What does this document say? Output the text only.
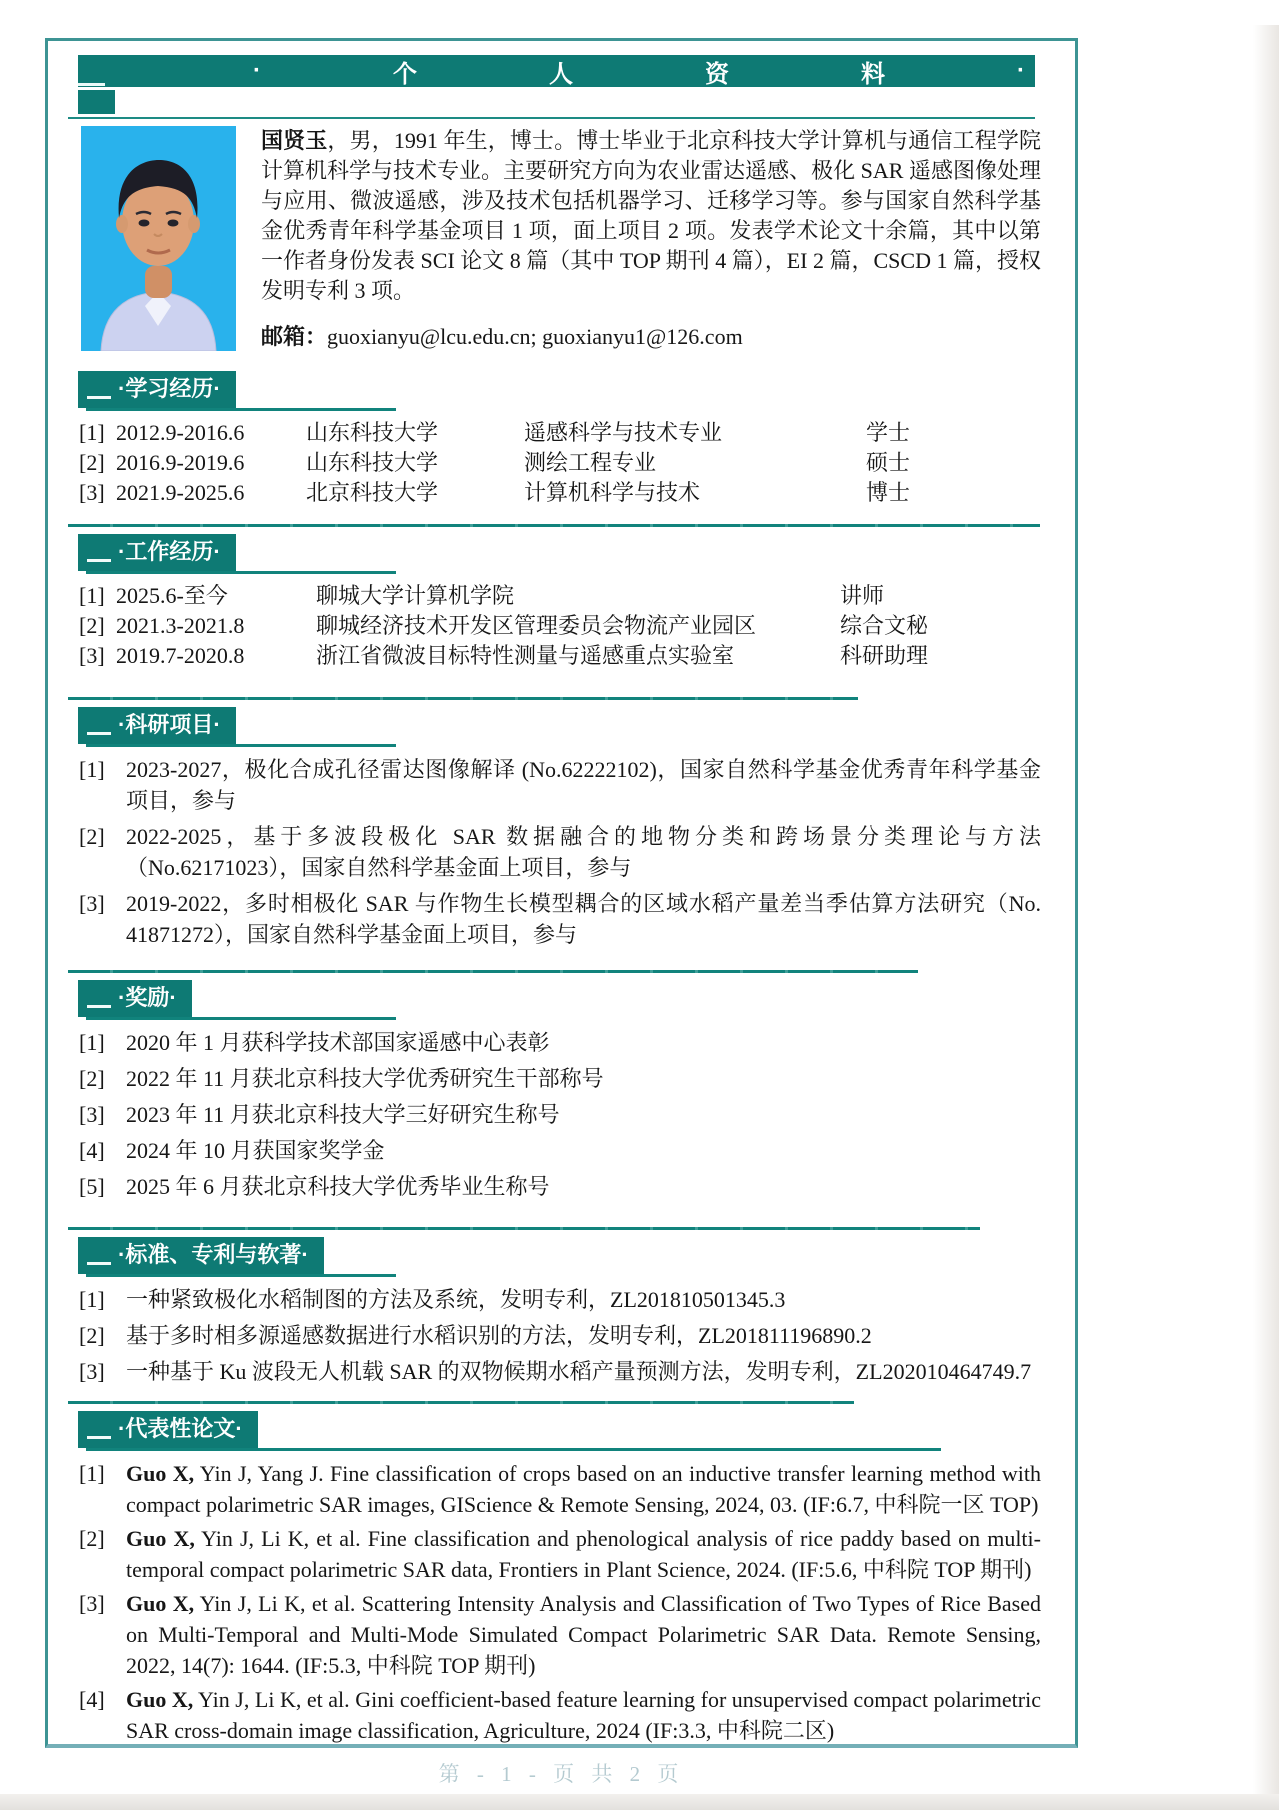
·	个	人	资	料	·

国贤玉，男，1991 年生，博士。博士毕业于北京科技大学计算机与通信工程学院计算机科学与技术专业。主要研究方向为农业雷达遥感、极化 SAR 遥感图像处理与应用、微波遥感，涉及技术包括机器学习、迁移学习等。参与国家自然科学基金优秀青年科学基金项目 1 项，面上项目 2 项。发表学术论文十余篇，其中以第一作者身份发表 SCI 论文 8 篇（其中 TOP 期刊 4 篇），EI 2 篇，CSCD 1 篇，授权发明专利 3 项。

邮箱：guoxianyu@lcu.edu.cn; guoxianyu1@126.com

·学习经历·
[1] 2012.9-2016.6	山东科技大学	遥感科学与技术专业	学士
[2] 2016.9-2019.6	山东科技大学	测绘工程专业	硕士
[3] 2021.9-2025.6	北京科技大学	计算机科学与技术	博士
·工作经历·
[1] 2025.6-至今	聊城大学计算机学院	讲师
[2] 2021.3-2021.8	聊城经济技术开发区管理委员会物流产业园区	综合文秘
[3] 2019.7-2020.8	浙江省微波目标特性测量与遥感重点实验室	科研助理
·科研项目·
[1] 2023-2027，极化合成孔径雷达图像解译 (No.62222102)，国家自然科学基金优秀青年科学基金项目，参与
[2] 2022-2025，基于多波段极化 SAR 数据融合的地物分类和跨场景分类理论与方法（No.62171023），国家自然科学基金面上项目，参与
[3] 2019-2022，多时相极化 SAR 与作物生长模型耦合的区域水稻产量差当季估算方法研究（No. 41871272），国家自然科学基金面上项目，参与
·奖励·
[1] 2020 年 1 月获科学技术部国家遥感中心表彰
[2] 2022 年 11 月获北京科技大学优秀研究生干部称号
[3] 2023 年 11 月获北京科技大学三好研究生称号
[4] 2024 年 10 月获国家奖学金
[5] 2025 年 6 月获北京科技大学优秀毕业生称号
·标准、专利与软著·
[1] 一种紧致极化水稻制图的方法及系统，发明专利，ZL201810501345.3
[2] 基于多时相多源遥感数据进行水稻识别的方法，发明专利，ZL201811196890.2
[3] 一种基于 Ku 波段无人机载 SAR 的双物候期水稻产量预测方法，发明专利，ZL202010464749.7
·代表性论文·
[1] Guo X, Yin J, Yang J. Fine classification of crops based on an inductive transfer learning method with compact polarimetric SAR images, GIScience & Remote Sensing, 2024, 03. (IF:6.7, 中科院一区 TOP)
[2] Guo X, Yin J, Li K, et al. Fine classification and phenological analysis of rice paddy based on multi-temporal compact polarimetric SAR data, Frontiers in Plant Science, 2024. (IF:5.6, 中科院 TOP 期刊)
[3] Guo X, Yin J, Li K, et al. Scattering Intensity Analysis and Classification of Two Types of Rice Based on Multi-Temporal and Multi-Mode Simulated Compact Polarimetric SAR Data. Remote Sensing, 2022, 14(7): 1644. (IF:5.3, 中科院 TOP 期刊)
[4] Guo X, Yin J, Li K, et al. Gini coefficient-based feature learning for unsupervised compact polarimetric SAR cross-domain image classification, Agriculture, 2024 (IF:3.3, 中科院二区)
第 - 1 - 页 共 2 页
